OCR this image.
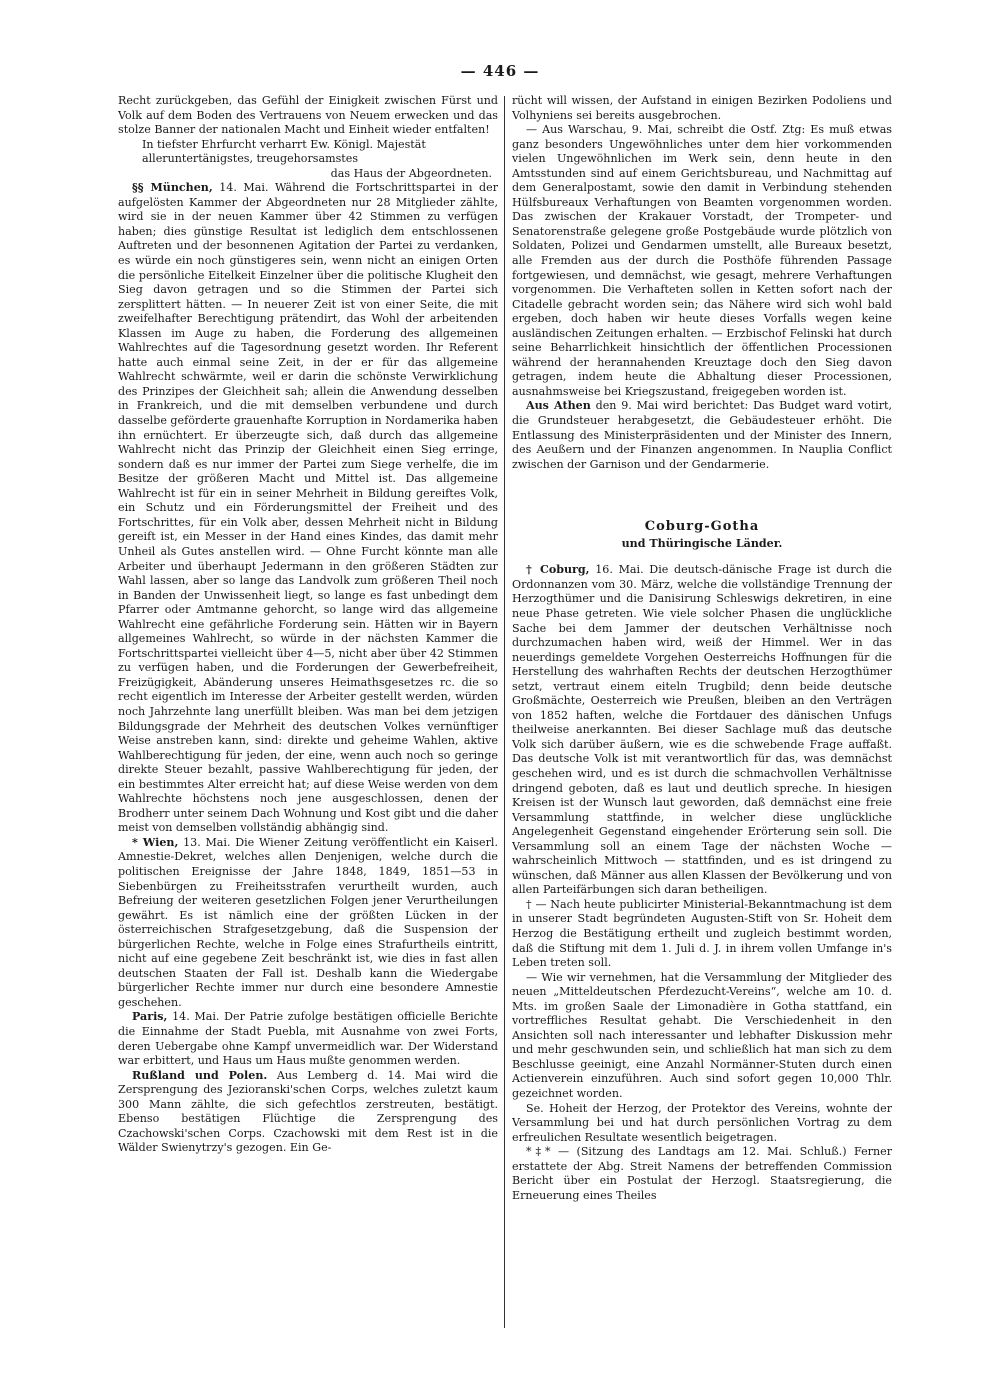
— 446 —

Recht zurückgeben, das Gefühl der Einigkeit zwischen Fürst und Volk auf dem Boden des Vertrauens von Neuem erwecken und das stolze Banner der nationalen Macht und Einheit wieder entfalten!

In tiefster Ehrfurcht verharrt Ew. Königl. Majestät

alleruntertänigstes, treugehorsamstes

das Haus der Abgeordneten.

§§ München, 14. Mai. Während die Fortschrittspartei in der aufgelösten Kammer der Abgeordneten nur 28 Mitglieder zählte, wird sie in der neuen Kammer über 42 Stimmen zu verfügen haben; dies günstige Resultat ist lediglich dem entschlossenen Auftreten und der besonnenen Agitation der Partei zu verdanken, es würde ein noch günstigeres sein, wenn nicht an einigen Orten die persönliche Eitelkeit Einzelner über die politische Klugheit den Sieg davon getragen und so die Stimmen der Partei sich zersplittert hätten. — In neuerer Zeit ist von einer Seite, die mit zweifelhafter Berechtigung prätendirt, das Wohl der arbeitenden Klassen im Auge zu haben, die Forderung des allgemeinen Wahlrechtes auf die Tagesordnung gesetzt worden. Ihr Referent hatte auch einmal seine Zeit, in der er für das allgemeine Wahlrecht schwärmte, weil er darin die schönste Verwirklichung des Prinzipes der Gleichheit sah; allein die Anwendung desselben in Frankreich, und die mit demselben verbundene und durch dasselbe geförderte grauenhafte Korruption in Nordamerika haben ihn ernüchtert. Er überzeugte sich, daß durch das allgemeine Wahlrecht nicht das Prinzip der Gleichheit einen Sieg erringe, sondern daß es nur immer der Partei zum Siege verhelfe, die im Besitze der größeren Macht und Mittel ist. Das allgemeine Wahlrecht ist für ein in seiner Mehrheit in Bildung gereiftes Volk, ein Schutz und ein Förderungsmittel der Freiheit und des Fortschrittes, für ein Volk aber, dessen Mehrheit nicht in Bildung gereift ist, ein Messer in der Hand eines Kindes, das damit mehr Unheil als Gutes anstellen wird. — Ohne Furcht könnte man alle Arbeiter und überhaupt Jedermann in den größeren Städten zur Wahl lassen, aber so lange das Landvolk zum größeren Theil noch in Banden der Unwissenheit liegt, so lange es fast unbedingt dem Pfarrer oder Amtmanne gehorcht, so lange wird das allgemeine Wahlrecht eine gefährliche Forderung sein. Hätten wir in Bayern allgemeines Wahlrecht, so würde in der nächsten Kammer die Fortschrittspartei vielleicht über 4—5, nicht aber über 42 Stimmen zu verfügen haben, und die Forderungen der Gewerbefreiheit, Freizügigkeit, Abänderung unseres Heimathsgesetzes rc. die so recht eigentlich im Interesse der Arbeiter gestellt werden, würden noch Jahrzehnte lang unerfüllt bleiben. Was man bei dem jetzigen Bildungsgrade der Mehrheit des deutschen Volkes vernünftiger Weise anstreben kann, sind: direkte und geheime Wahlen, aktive Wahlberechtigung für jeden, der eine, wenn auch noch so geringe direkte Steuer bezahlt, passive Wahlberechtigung für jeden, der ein bestimmtes Alter erreicht hat; auf diese Weise werden von dem Wahlrechte höchstens noch jene ausgeschlossen, denen der Brodherr unter seinem Dach Wohnung und Kost gibt und die daher meist von demselben vollständig abhängig sind.

* Wien, 13. Mai. Die Wiener Zeitung veröffentlicht ein Kaiserl. Amnestie-Dekret, welches allen Denjenigen, welche durch die politischen Ereignisse der Jahre 1848, 1849, 1851—53 in Siebenbürgen zu Freiheitsstrafen verurtheilt wurden, auch Befreiung der weiteren gesetzlichen Folgen jener Verurtheilungen gewährt. Es ist nämlich eine der größten Lücken in der österreichischen Strafgesetzgebung, daß die Suspension der bürgerlichen Rechte, welche in Folge eines Strafurtheils eintritt, nicht auf eine gegebene Zeit beschränkt ist, wie dies in fast allen deutschen Staaten der Fall ist. Deshalb kann die Wiedergabe bürgerlicher Rechte immer nur durch eine besondere Amnestie geschehen.

Paris, 14. Mai. Der Patrie zufolge bestätigen officielle Berichte die Einnahme der Stadt Puebla, mit Ausnahme von zwei Forts, deren Uebergabe ohne Kampf unvermeidlich war. Der Widerstand war erbittert, und Haus um Haus mußte genommen werden.

Rußland und Polen. Aus Lemberg d. 14. Mai wird die Zersprengung des Jezioranski'schen Corps, welches zuletzt kaum 300 Mann zählte, die sich gefechtlos zerstreuten, bestätigt. Ebenso bestätigen Flüchtige die Zersprengung des Czachowski'schen Corps. Czachowski mit dem Rest ist in die Wälder Swienytrzy's gezogen. Ein Ge-

rücht will wissen, der Aufstand in einigen Bezirken Podoliens und Volhyniens sei bereits ausgebrochen.

— Aus Warschau, 9. Mai, schreibt die Ostf. Ztg: Es muß etwas ganz besonders Ungewöhnliches unter dem hier vorkommenden vielen Ungewöhnlichen im Werk sein, denn heute in den Amtsstunden sind auf einem Gerichtsbureau, und Nachmittag auf dem Generalpostamt, sowie den damit in Verbindung stehenden Hülfsbureaux Verhaftungen von Beamten vorgenommen worden. Das zwischen der Krakauer Vorstadt, der Trompeter- und Senatorenstraße gelegene große Postgebäude wurde plötzlich von Soldaten, Polizei und Gendarmen umstellt, alle Bureaux besetzt, alle Fremden aus der durch die Posthöfe führenden Passage fortgewiesen, und demnächst, wie gesagt, mehrere Verhaftungen vorgenommen. Die Verhafteten sollen in Ketten sofort nach der Citadelle gebracht worden sein; das Nähere wird sich wohl bald ergeben, doch haben wir heute dieses Vorfalls wegen keine ausländischen Zeitungen erhalten. — Erzbischof Felinski hat durch seine Beharrlichkeit hinsichtlich der öffentlichen Processionen während der herannahenden Kreuztage doch den Sieg davon getragen, indem heute die Abhaltung dieser Processionen, ausnahmsweise bei Kriegszustand, freigegeben worden ist.

Aus Athen den 9. Mai wird berichtet: Das Budget ward votirt, die Grundsteuer herabgesetzt, die Gebäudesteuer erhöht. Die Entlassung des Ministerpräsidenten und der Minister des Innern, des Aeußern und der Finanzen angenommen. In Nauplia Conflict zwischen der Garnison und der Gendarmerie.

Coburg-Gotha
und Thüringische Länder.

† Coburg, 16. Mai. Die deutsch-dänische Frage ist durch die Ordonnanzen vom 30. März, welche die vollständige Trennung der Herzogthümer und die Danisirung Schleswigs dekretiren, in eine neue Phase getreten. Wie viele solcher Phasen die unglückliche Sache bei dem Jammer der deutschen Verhältnisse noch durchzumachen haben wird, weiß der Himmel. Wer in das neuerdings gemeldete Vorgehen Oesterreichs Hoffnungen für die Herstellung des wahrhaften Rechts der deutschen Herzogthümer setzt, vertraut einem eiteln Trugbild; denn beide deutsche Großmächte, Oesterreich wie Preußen, bleiben an den Verträgen von 1852 haften, welche die Fortdauer des dänischen Unfugs theilweise anerkannten. Bei dieser Sachlage muß das deutsche Volk sich darüber äußern, wie es die schwebende Frage auffaßt. Das deutsche Volk ist mit verantwortlich für das, was demnächst geschehen wird, und es ist durch die schmachvollen Verhältnisse dringend geboten, daß es laut und deutlich spreche. In hiesigen Kreisen ist der Wunsch laut geworden, daß demnächst eine freie Versammlung stattfinde, in welcher diese unglückliche Angelegenheit Gegenstand eingehender Erörterung sein soll. Die Versammlung soll an einem Tage der nächsten Woche — wahrscheinlich Mittwoch — stattfinden, und es ist dringend zu wünschen, daß Männer aus allen Klassen der Bevölkerung und von allen Parteifärbungen sich daran betheiligen.

† — Nach heute publicirter Ministerial-Bekanntmachung ist dem in unserer Stadt begründeten Augusten-Stift von Sr. Hoheit dem Herzog die Bestätigung ertheilt und zugleich bestimmt worden, daß die Stiftung mit dem 1. Juli d. J. in ihrem vollen Umfange in's Leben treten soll.

— Wie wir vernehmen, hat die Versammlung der Mitglieder des neuen „Mitteldeutschen Pferdezucht-Vereins“, welche am 10. d. Mts. im großen Saale der Limonadière in Gotha stattfand, ein vortreffliches Resultat gehabt. Die Verschiedenheit in den Ansichten soll nach interessanter und lebhafter Diskussion mehr und mehr geschwunden sein, und schließlich hat man sich zu dem Beschlusse geeinigt, eine Anzahl Normänner-Stuten durch einen Actienverein einzuführen. Auch sind sofort gegen 10,000 Thlr. gezeichnet worden.

Se. Hoheit der Herzog, der Protektor des Vereins, wohnte der Versammlung bei und hat durch persönlichen Vortrag zu dem erfreulichen Resultate wesentlich beigetragen.

*‡* — (Sitzung des Landtags am 12. Mai. Schluß.) Ferner erstattete der Abg. Streit Namens der betreffenden Commission Bericht über ein Postulat der Herzogl. Staatsregierung, die Erneuerung eines Theiles
